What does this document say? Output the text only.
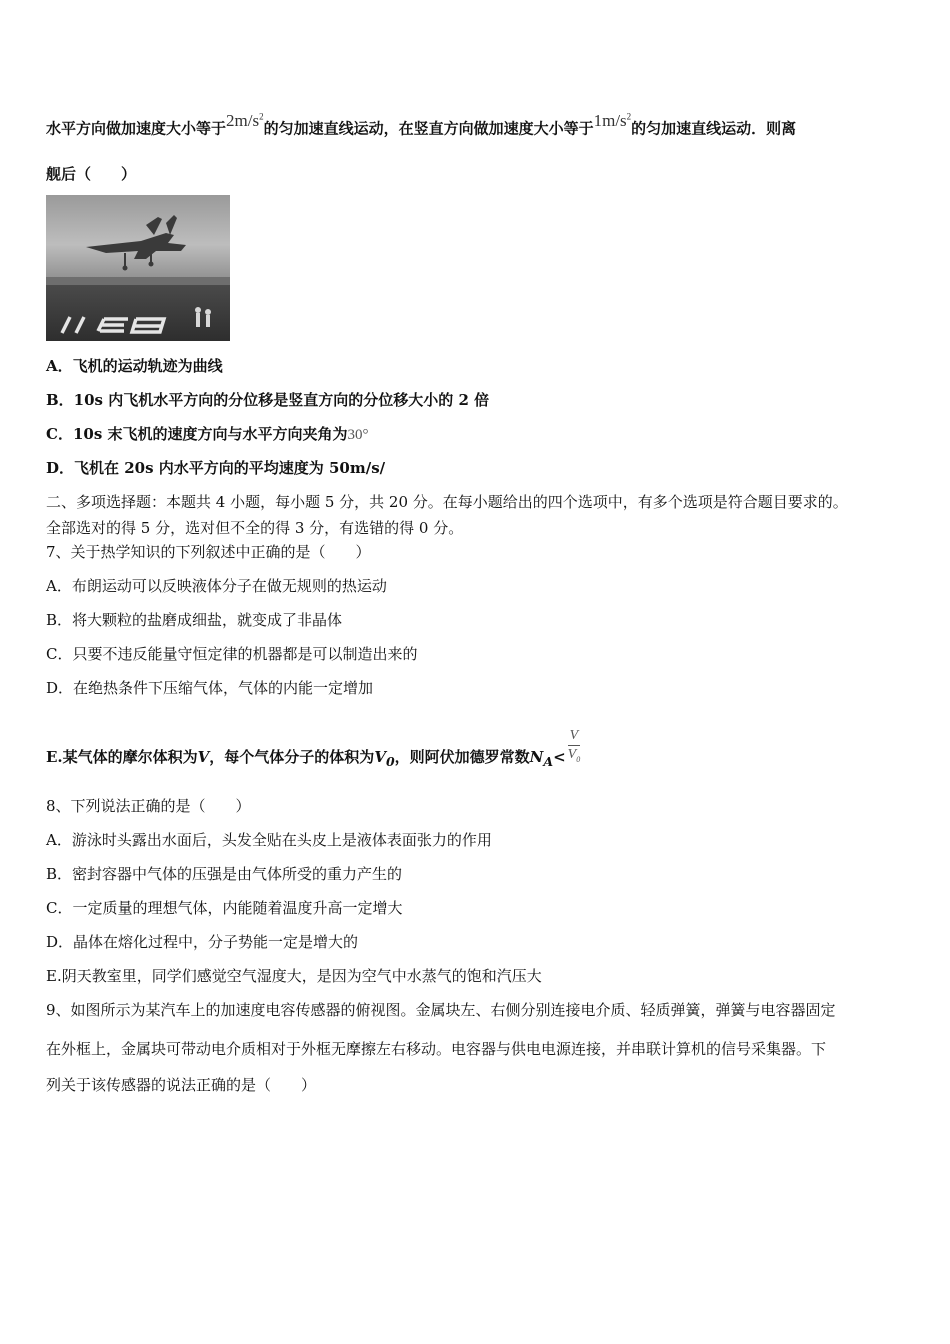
水平方向做加速度大小等于$2m/s^2$的匀加速直线运动，在竖直方向做加速度大小等于$1m/s^2$的匀加速直线运动．则离
舰后（　　）
A．飞机的运动轨迹为曲线
B．10s 内飞机水平方向的分位移是竖直方向的分位移大小的 2 倍
C．10s 末飞机的速度方向与水平方向夹角为30°
D．飞机在 20s 内水平方向的平均速度为 50m/s/
二、多项选择题：本题共 4 小题，每小题 5 分，共 20 分。在每小题给出的四个选项中，有多个选项是符合题目要求的。
全部选对的得 5 分，选对但不全的得 3 分，有选错的得 0 分。
7、关于热学知识的下列叙述中正确的是（　　）
A．布朗运动可以反映液体分子在做无规则的热运动
B．将大颗粒的盐磨成细盐，就变成了非晶体
C．只要不违反能量守恒定律的机器都是可以制造出来的
D．在绝热条件下压缩气体，气体的内能一定增加
E.某气体的摩尔体积为V，每个气体分子的体积为$V_0$，则阿伏加德罗常数$N_A< \frac{V}{V_0}$
8、下列说法正确的是（　　）
A．游泳时头露出水面后，头发全贴在头皮上是液体表面张力的作用
B．密封容器中气体的压强是由气体所受的重力产生的
C．一定质量的理想气体，内能随着温度升高一定增大
D．晶体在熔化过程中，分子势能一定是增大的
E.阴天教室里，同学们感觉空气湿度大，是因为空气中水蒸气的饱和汽压大
9、如图所示为某汽车上的加速度电容传感器的俯视图。金属块左、右侧分别连接电介质、轻质弹簧，弹簧与电容器固定
在外框上，金属块可带动电介质相对于外框无摩擦左右移动。电容器与供电电源连接，并串联计算机的信号采集器。下
列关于该传感器的说法正确的是（　　）
